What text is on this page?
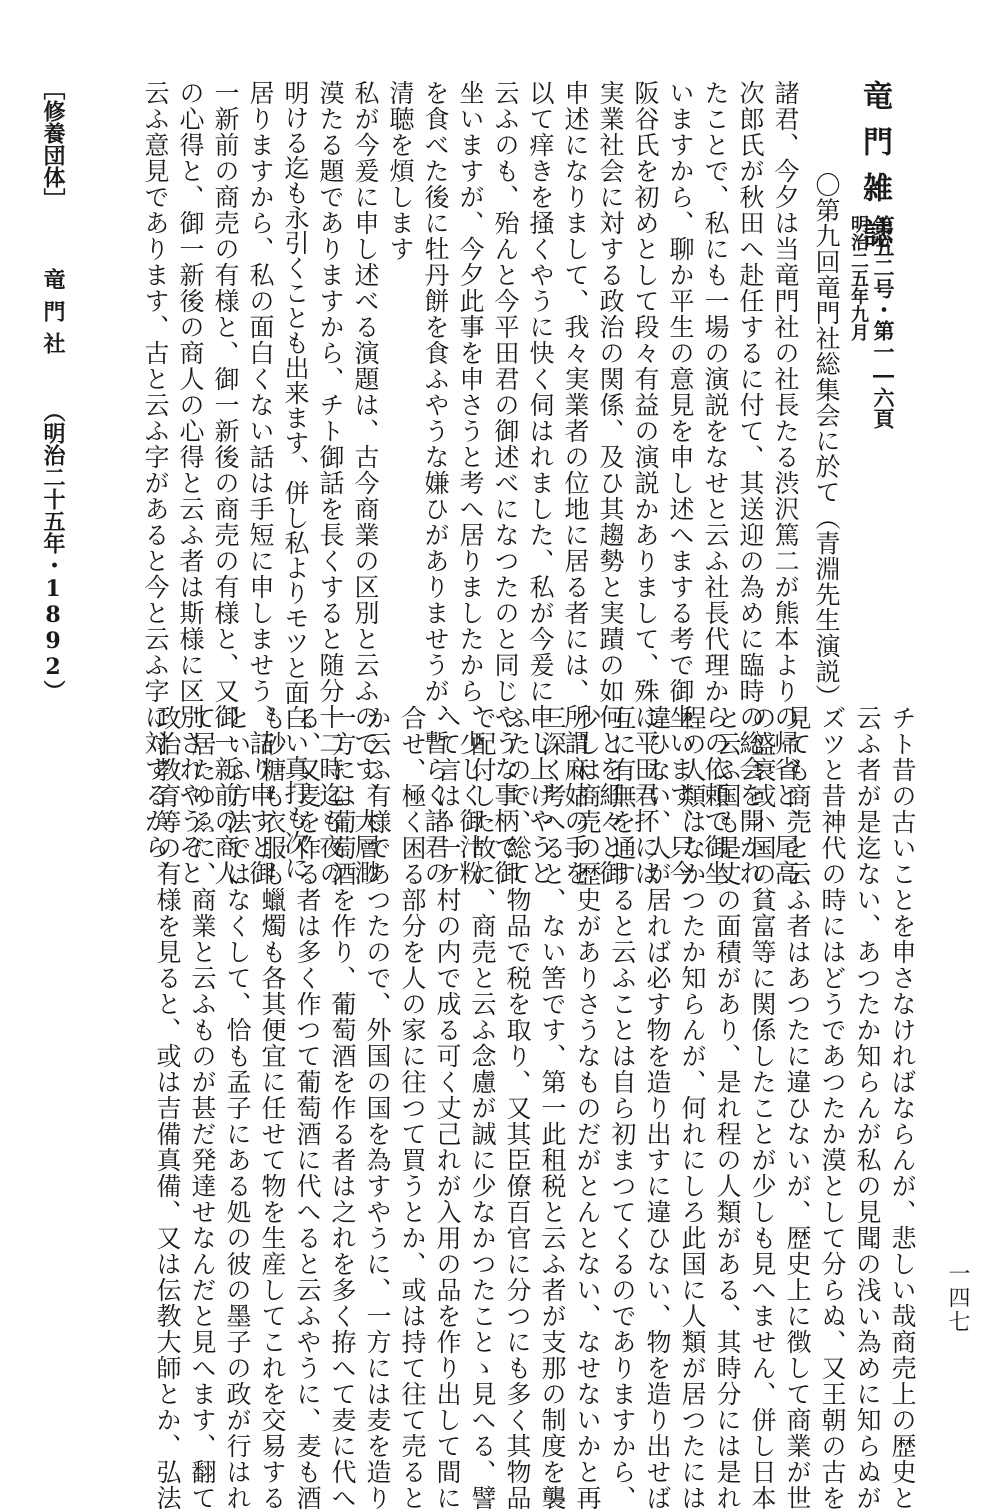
竜門雑誌
第五二号・第一―六頁
明治二五年九月
〇第九回竜門社総集会に於て（青淵先生演説）
諸君、今夕は当竜門社の社長たる渋沢篤二が熊本よりの帰省と、尾高
次郎氏が秋田へ赴任するに付て、其送迎の為めに臨時の総会を開かれ
たことで、私にも一場の演説をなせと云ふ社長代理からの依頼で御坐
いますから、聊か平生の意見を申し述へまする考で御坐います、只今
阪谷氏を初めとして段々有益の演説かありまして、殊に平田君抔には
実業社会に対する政治の関係、及ひ其趨勢と実蹟の如何とを細々と御
申述になりまして、我々実業者の位地に居る者には、所謂麻姑の手を
以て痒きを掻くやうに快く伺はれました、私が今爰に申し上げやうと
云ふのも、殆んと今平田君の御述べになつたのと同じやうな事柄で御
坐いますが、今夕此事を申さうと考へ居りましたから、少しく御汁粉
を食べた後に牡丹餅を食ふやうな嫌ひがありませうが、暫らく諸君の
清聴を煩します
私が今爰に申し述べる演題は、古今商業の区別と云ふのです、大層渺
漠たる題でありますから、チト御話を長くすると随分十二時迄も夜の
明ける迄も永引くことも出来ます、併し私よりモツと面白い真打も次に
居りますから、私の面白くない話は手短に申しませう、詰り申すと御
一新前の商売の有様と、御一新後の商売の有様と、又御一新前の商人
の心得と、御一新後の商人の心得と云ふ者は斯様に区別されやうぞと
云ふ意見であります、古と云ふ字があると今と云ふ字に対するから、
［修養団体］
竜門社
（明治二十五年・1892）
チト昔の古いことを申さなければならんが、悲しい哉商売上の歴史と
云ふ者が是迄ない、あつたか知らんが私の見聞の浅い為めに知らぬが
ズツと昔神代の時にはどうであつたか漠として分らぬ、又王朝の古を
見ても商売と云ふ者はあつたに違ひないが、歴史上に徴して商業が世
の盛衰或ハ国の貧富等に関係したことが少しも見へません、併し日本
と云ふ国も是丈の面積があり、是れ程の人類がある、其時分には是れ
程の人類はなかつたか知らんが、何れにしろ此国に人類が居つたには
違ひない、人が居れば必す物を造り出すに違ひない、物を造り出せば
互に有無を通すると云ふことは自ら初まつてくるのでありますから、
少しは商売の歴史がありさうなものだがとんとない、なせないかと再
三深く考へると、ない筈です、第一此租税と云ふ者が支那の制度を襲
ふたので、総て物品で税を取り、又其臣僚百官に分つにも多く其物品
で配付した故に、商売と云ふ念慮が誠に少なかつたことゝ見へる、譬
へて言はゝ一ケ村の内で成る可く丈己れが入用の品を作り出して間に
合せ、極く困る部分を人の家に往つて買うとか、或は持て往て売ると
か云ふ有様であつたので、外国の国を為すやうに、一方には麦を造り
一方には葡萄酒を作り、葡萄酒を作る者は之れを多く拵へて麦に代へ
る、又麦を作る者は多く作つて葡萄酒に代へると云ふやうに、麦も酒
も砂糖も衣服も蠟燭も各其便宜に任せて物を生産してこれを交易する
といふ方法ではなくして、恰も孟子にある処の彼の墨子の政が行はれ
て居たゆゑに、商業と云ふものが甚だ発達せなんだと見へます、翻て
政治教育等の有様を見ると、或は吉備真備、又は伝教大師とか、弘法	一四七
